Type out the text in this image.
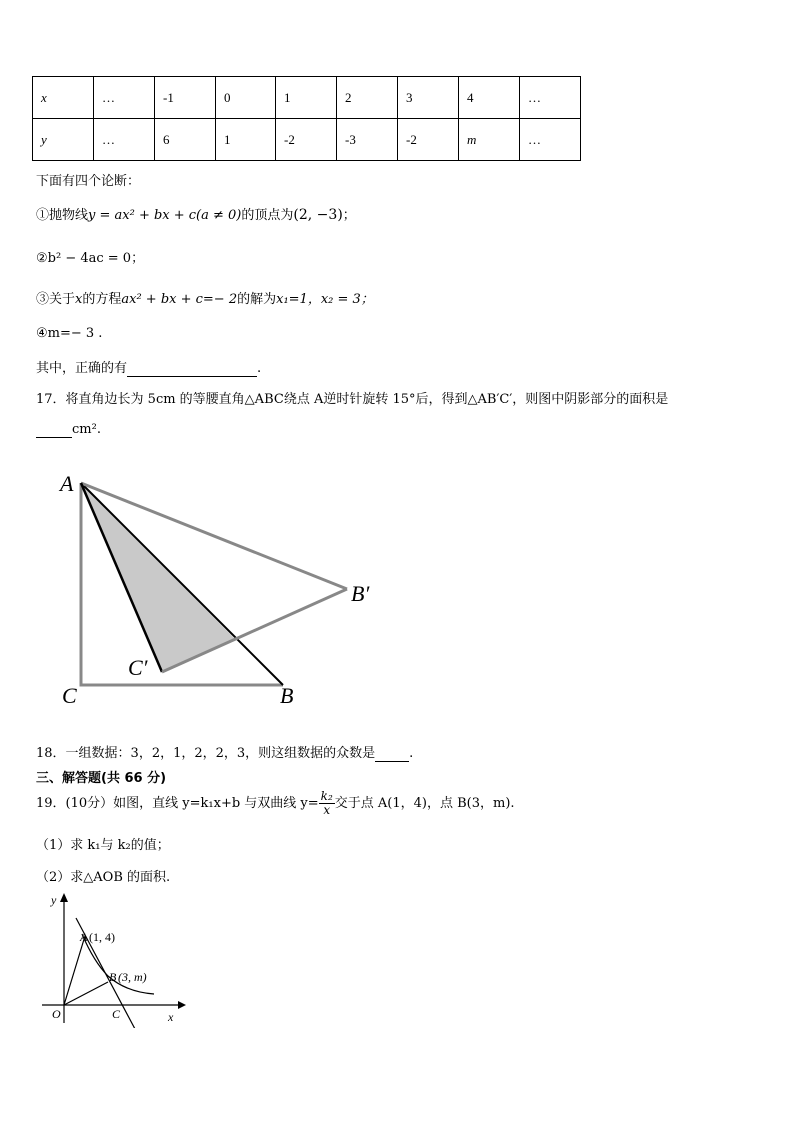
x	…	-1	0	1	2	3	4	…
y	…	6	1	-2	-3	-2	m	…
下面有四个论断：
①抛物线y = ax² + bx + c(a ≠ 0)的顶点为(2, −3)；
②b² − 4ac = 0；
③关于x的方程ax² + bx + c=− 2的解为x₁=1，x₂ = 3；
④m=− 3 .
其中，正确的有	.
17．将直角边长为 5cm 的等腰直角△ABC绕点 A逆时针旋转 15°后，得到△AB′C′，则图中阴影部分的面积是
cm².
A
B′
C′
C	B
18．一组数据：3，2，1，2，2，3，则这组数据的众数是	.
三、解答题(共 66 分)
19．(10分）如图，直线 y=k₁x+b 与双曲线 $y= \frac{\text{k₂}}{x}$ 交于点 A(1，4)，点 B(3，m).
（1）求 k₁与 k₂的值；
（2）求△AOB 的面积.
y
x
O	C
A (1, 4)
B (3, m)
